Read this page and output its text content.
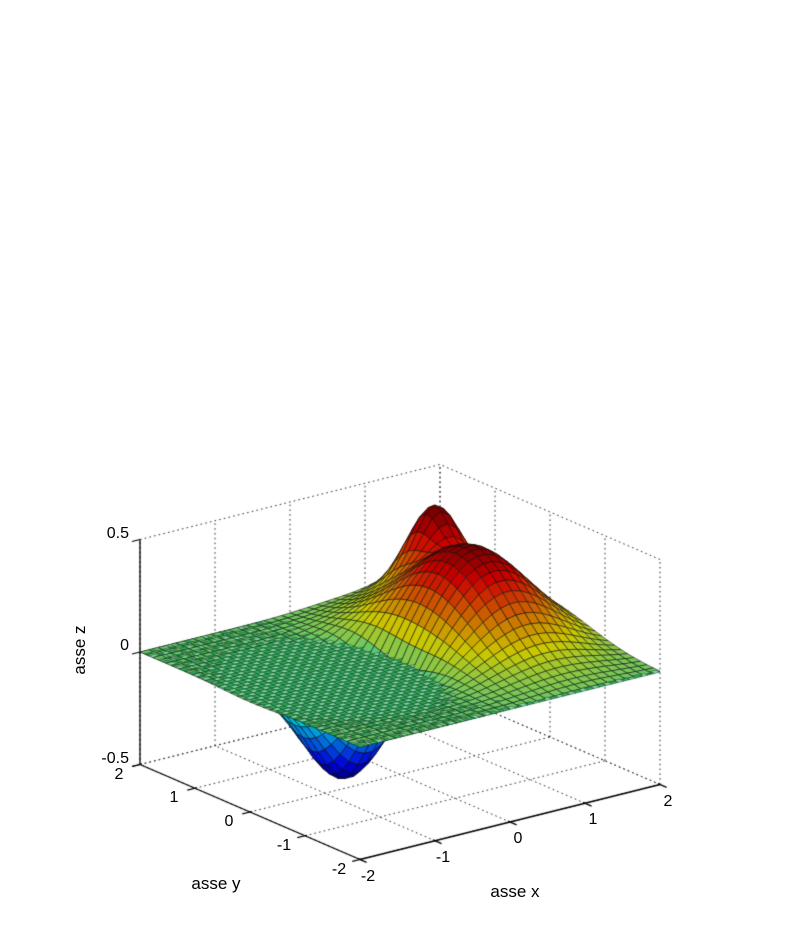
-2
-1
0
1
2
2
1
0
-1
-2
0.5
0
-0.5
asse x
asse y
asse z
